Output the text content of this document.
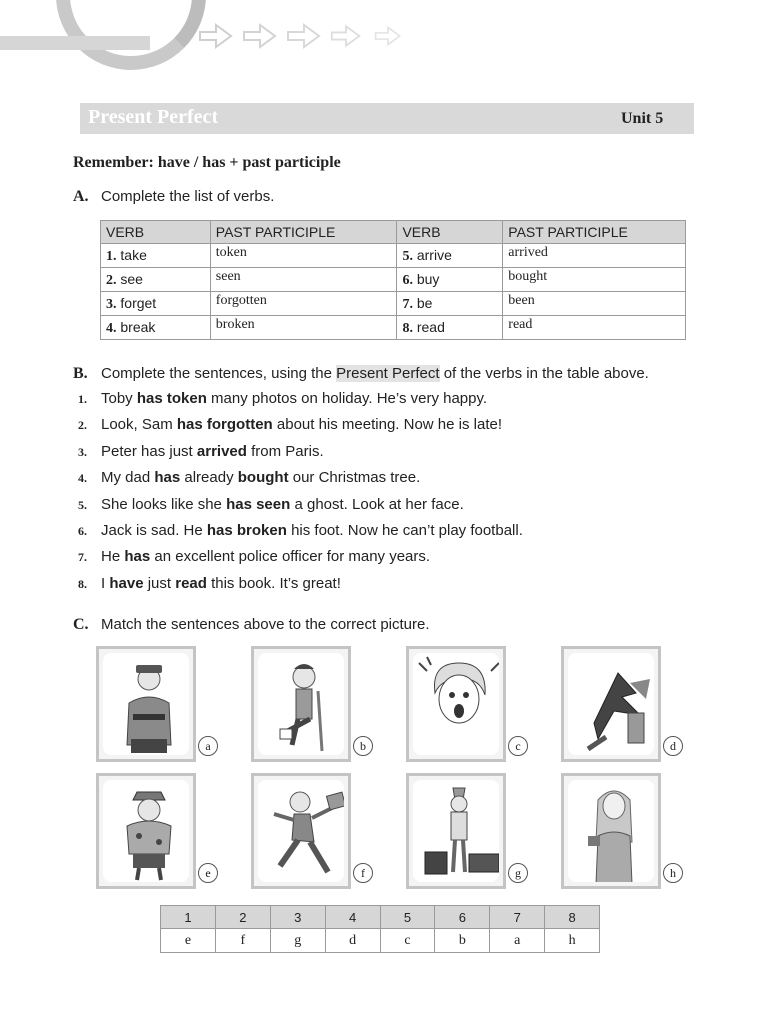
Present Perfect	Unit 5
Remember: have / has + past participle
A. Complete the list of verbs.
VERB	PAST PARTICIPLE	VERB	PAST PARTICIPLE
1. take	token	5. arrive	arrived
2. see	seen	6. buy	bought
3. forget	forgotten	7. be	been
4. break	broken	8. read	read
B. Complete the sentences, using the Present Perfect of the verbs in the table above.
1. Toby has token many photos on holiday. He’s very happy.
2. Look, Sam has forgotten about his meeting. Now he is late!
3. Peter has just arrived from Paris.
4. My dad has already bought our Christmas tree.
5. She looks like she has seen a ghost. Look at her face.
6. Jack is sad. He has broken his foot. Now he can’t play football.
7. He has an excellent police officer for many years.
8. I have just read this book. It’s great!
C. Match the sentences above to the correct picture.
a	b	c	d
e	f	g	h
1	2	3	4	5	6	7	8
e	f	g	d	c	b	a	h
